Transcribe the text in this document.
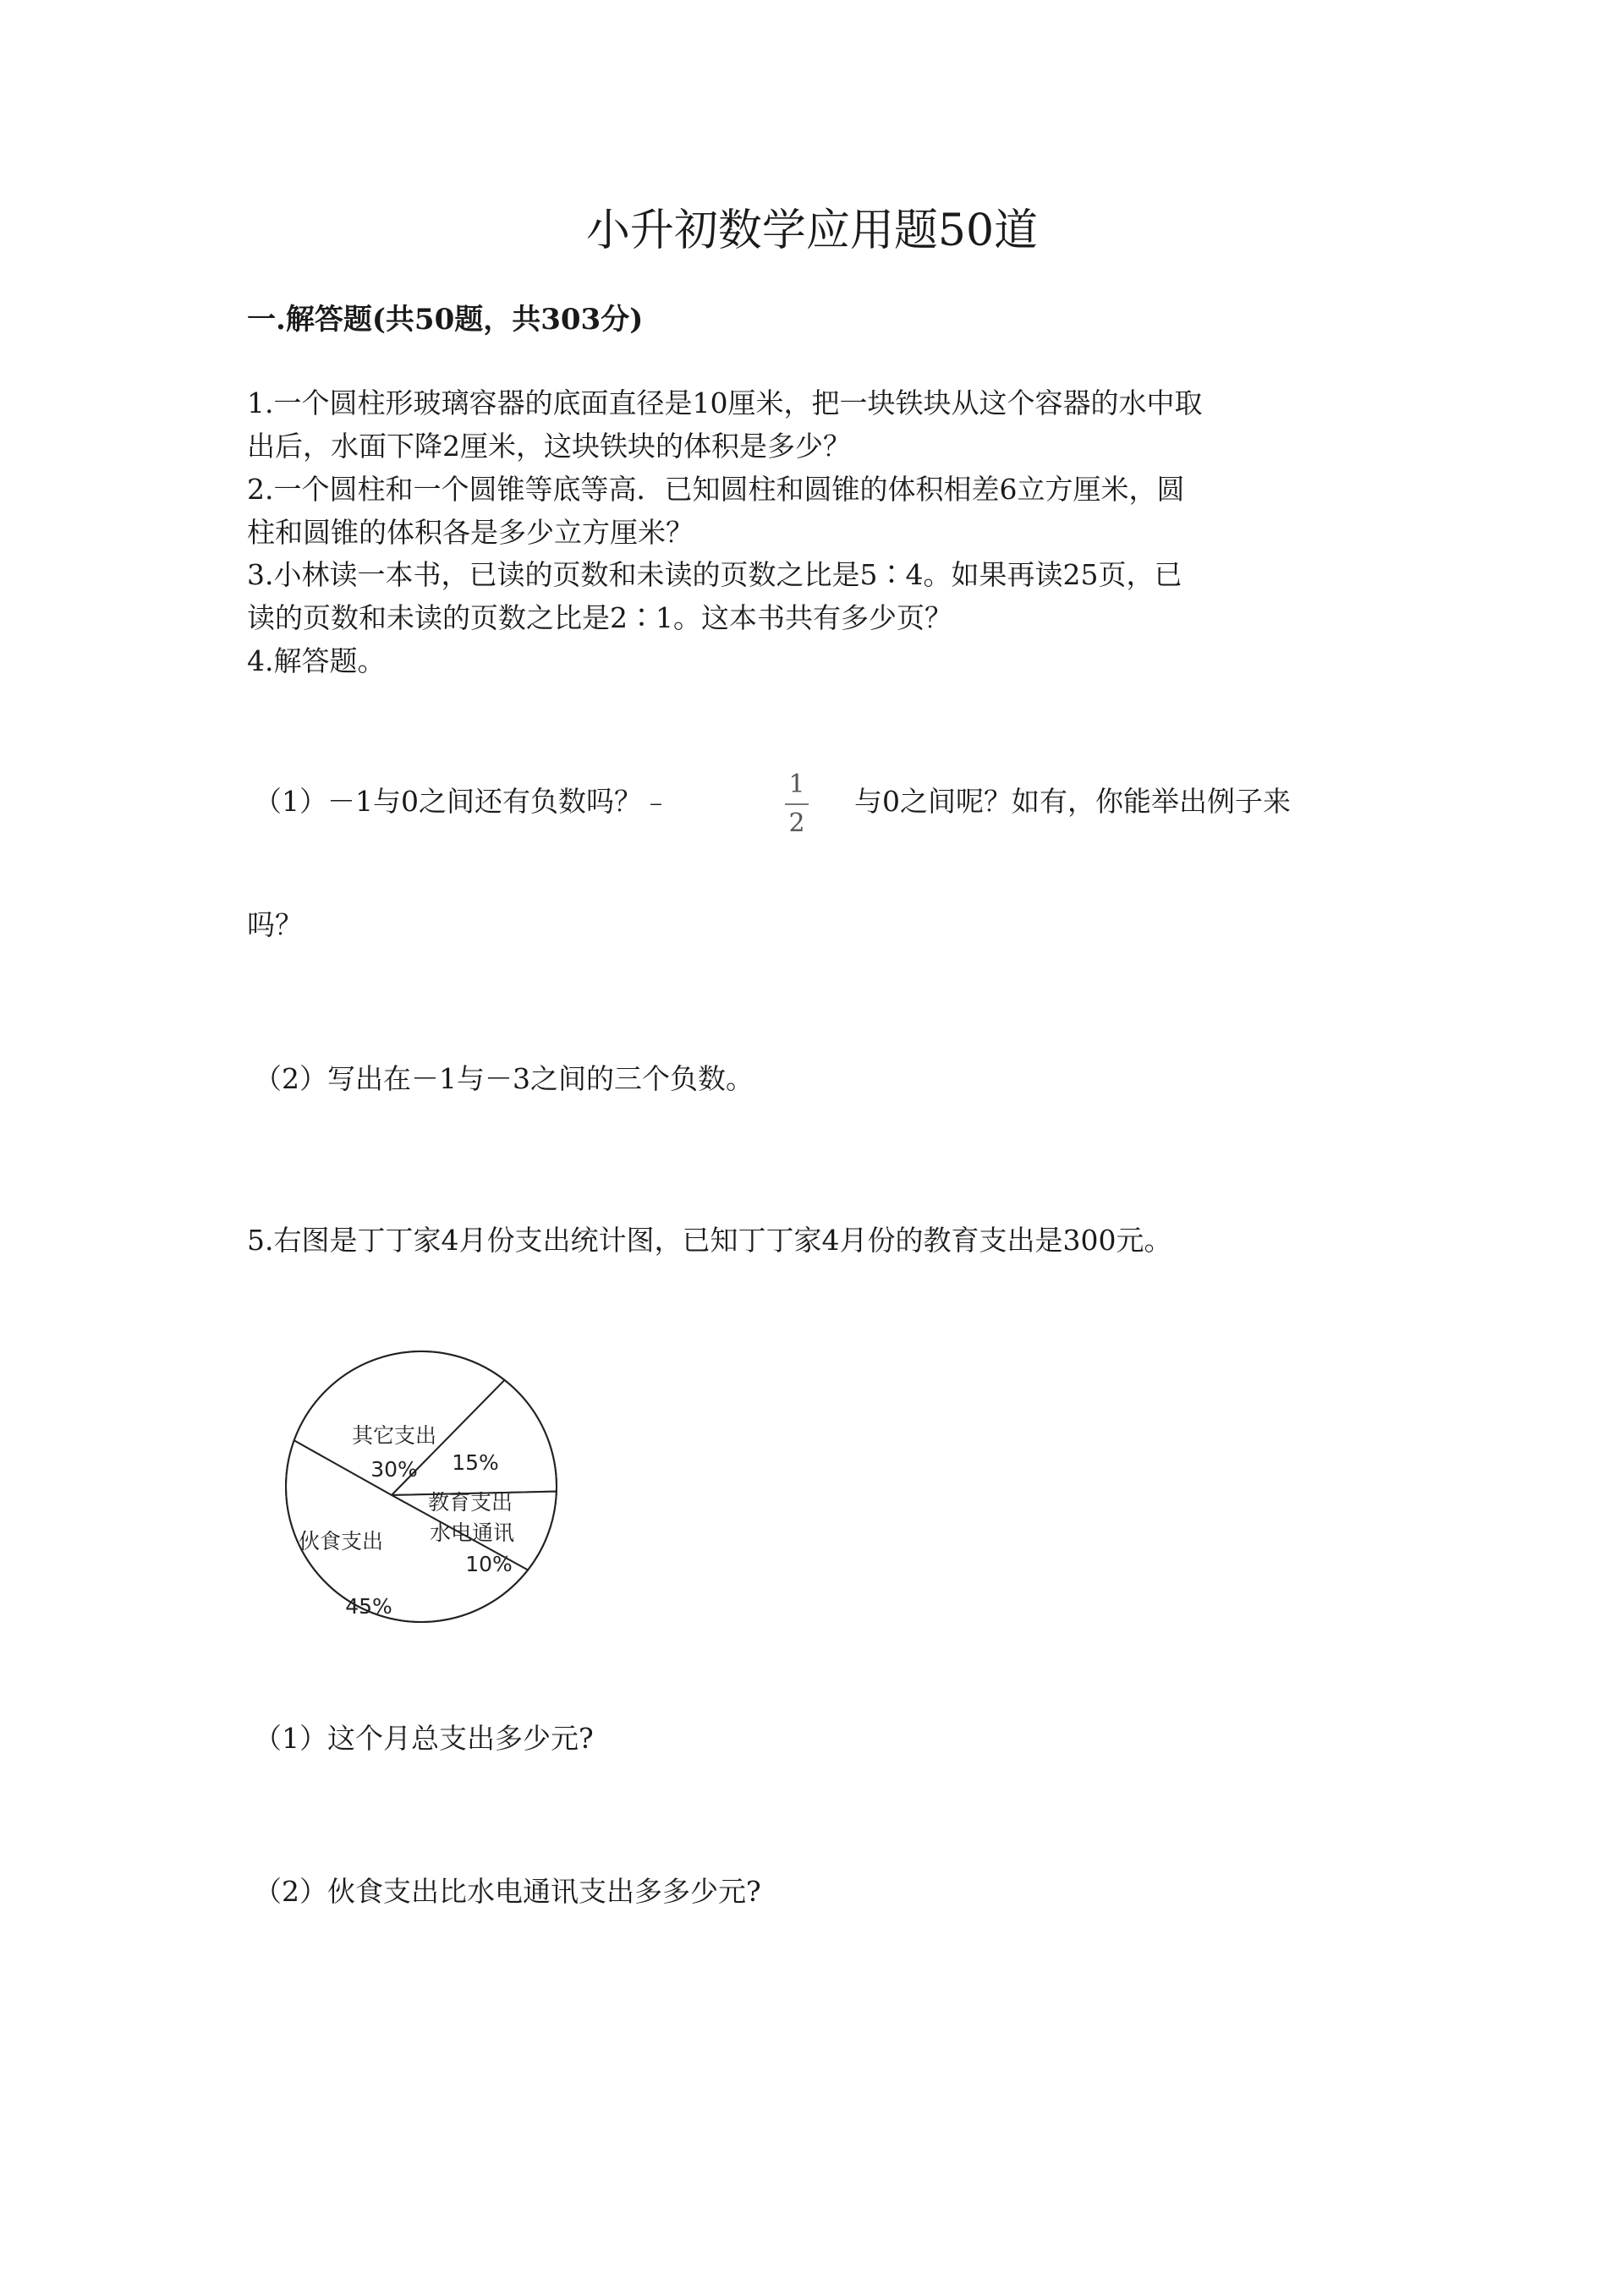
小升初数学应用题50道
一.解答题(共50题，共303分)
1.一个圆柱形玻璃容器的底面直径是10厘米，把一块铁块从这个容器的水中取
出后，水面下降2厘米，这块铁块的体积是多少？
2.一个圆柱和一个圆锥等底等高．已知圆柱和圆锥的体积相差6立方厘米，圆
柱和圆锥的体积各是多少立方厘米？
3.小林读一本书，已读的页数和未读的页数之比是5∶4。如果再读25页，已
读的页数和未读的页数之比是2∶1。这本书共有多少页？
4.解答题。
（1）－1与0之间还有负数吗？﹣
1
2
与0之间呢？如有，你能举出例子来
吗？
（2）写出在－1与－3之间的三个负数。
5.右图是丁丁家4月份支出统计图，已知丁丁家4月份的教育支出是300元。
其它支出
30%
教育支出
15%
水电通讯
10%
伙食支出
45%
（1）这个月总支出多少元?
（2）伙食支出比水电通讯支出多多少元?
